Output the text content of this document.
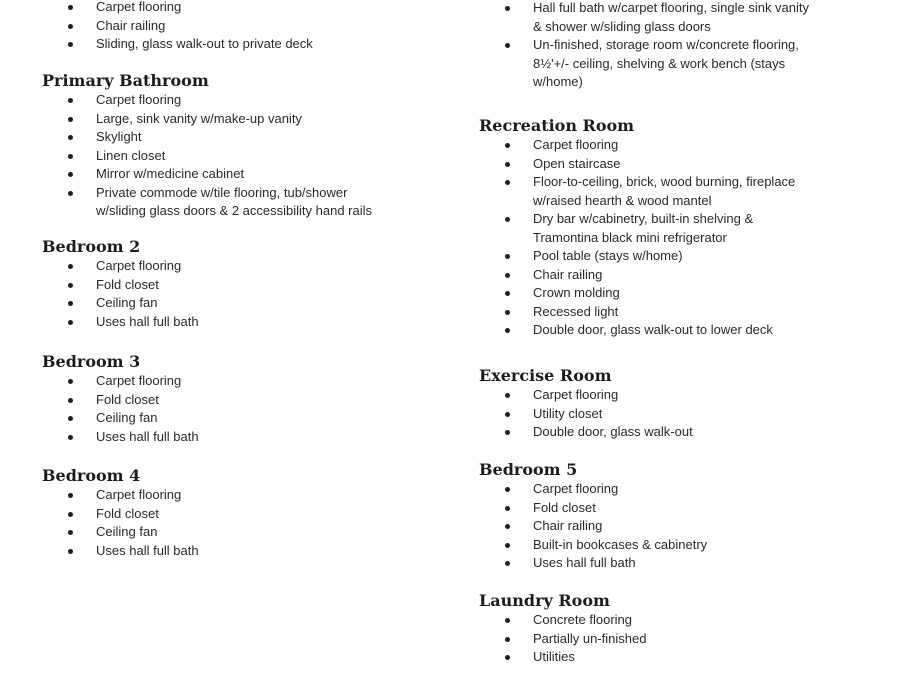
Carpet flooring
Chair railing
Sliding, glass walk-out to private deck
Primary Bathroom
Carpet flooring
Large, sink vanity w/make-up vanity
Skylight
Linen closet
Mirror w/medicine cabinet
Private commode w/tile flooring, tub/shower
w/sliding glass doors & 2 accessibility hand rails
Bedroom 2
Carpet flooring
Fold closet
Ceiling fan
Uses hall full bath
Bedroom 3
Carpet flooring
Fold closet
Ceiling fan
Uses hall full bath
Bedroom 4
Carpet flooring
Fold closet
Ceiling fan
Uses hall full bath
Hall full bath w/carpet flooring, single sink vanity
& shower w/sliding glass doors
Un-finished, storage room w/concrete flooring,
8½'+/- ceiling, shelving & work bench (stays
w/home)
Recreation Room
Carpet flooring
Open staircase
Floor-to-ceiling, brick, wood burning, fireplace
w/raised hearth & wood mantel
Dry bar w/cabinetry, built-in shelving &
Tramontina black mini refrigerator
Pool table (stays w/home)
Chair railing
Crown molding
Recessed light
Double door, glass walk-out to lower deck
Exercise Room
Carpet flooring
Utility closet
Double door, glass walk-out
Bedroom 5
Carpet flooring
Fold closet
Chair railing
Built-in bookcases & cabinetry
Uses hall full bath
Laundry Room
Concrete flooring
Partially un-finished
Utilities
